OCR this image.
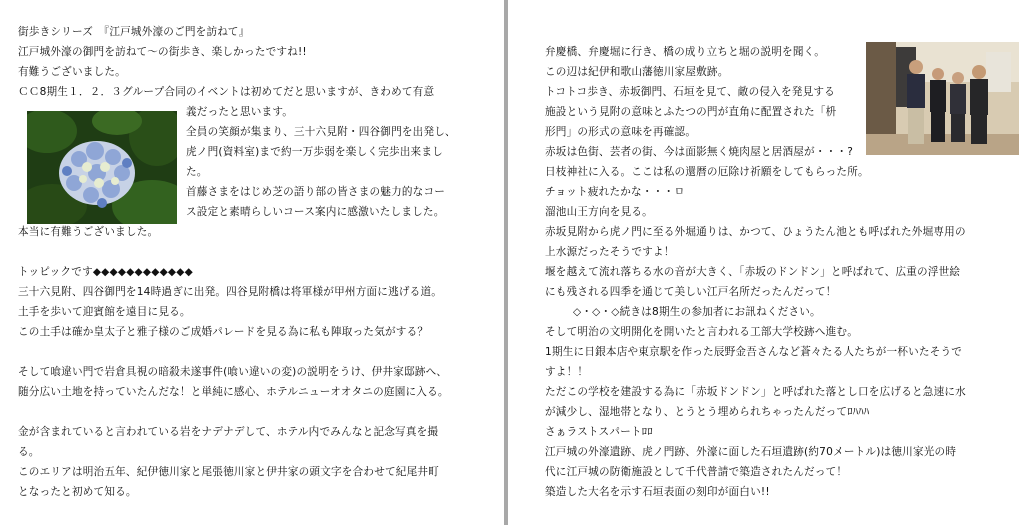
街歩きシリーズ　『江戸城外濠のご門を訪ねて』
江戸城外濠の御門を訪ねて～の街歩き、楽しかったですね!!
有難うございました。
ＣＣ8期生１．２．３グループ合同のイベントは初めてだと思いますが、きわめて有意
義だったと思います。
全員の笑顔が集まり、三十六見附・四谷御門を出発し、
虎ノ門(資料室)まで約一万歩弱を楽しく完歩出来まし
た。
首藤さまをはじめ芝の語り部の皆さまの魅力的なコー
ス設定と素晴らしいコース案内に感激いたしました。
本当に有難うございました。
トッピックです◆◆◆◆◆◆◆◆◆◆◆◆
三十六見附、四谷御門を14時過ぎに出発。四谷見附橋は将軍様が甲州方面に逃げる道。
土手を歩いて迎賓館を遠目に見る。
この土手は確か皇太子と雅子様のご成婚パレードを見る為に私も陣取った気がする？
そして喰違い門で岩倉具視の暗殺未遂事件(喰い違いの変)の説明をうけ、伊井家邸跡へ、
随分広い土地を持っていたんだな！と単純に感心、ホテルニューオオタニの庭園に入る。
金が含まれていると言われている岩をナデナデして、ホテル内でみんなと記念写真を撮
る。
このエリアは明治五年、紀伊徳川家と尾張徳川家と伊井家の頭文字を合わせて紀尾井町
となったと初めて知る。
弁慶橋、弁慶堀に行き、橋の成り立ちと堀の説明を聞く。
この辺は紀伊和歌山藩徳川家屋敷跡。
トコトコ歩き、赤坂御門、石垣を見て、敵の侵入を発見する
施設という見附の意味とふたつの門が直角に配置された「枡
形門」の形式の意味を再確認。
赤坂は色街、芸者の街、今は面影無く焼肉屋と居酒屋が・・・?
日枝神社に入る。ここは私の還暦の厄除け祈願をしてもらった所。
チョット疲れたかな・・・ㅁ
溜池山王方向を見る。
赤坂見附から虎ノ門に至る外堀通りは、かつて、ひょうたん池とも呼ばれた外堀専用の
上水源だったそうですよ！
堰を越えて流れ落ちる水の音が大きく、「赤坂のドンドン」と呼ばれて、広重の浮世絵
にも残される四季を通じて美しい江戸名所だったんだって！
◇・◇・◇続きは8期生の参加者にお訊ねください。
そして明治の文明開化を開いたと言われる工部大学校跡へ進む。
1期生に日銀本店や東京駅を作った辰野金吾さんなど蒼々たる人たちが一杯いたそうで
すよ！！
ただこの学校を建設する為に「赤坂ドンドン」と呼ばれた落とし口を広げると急速に水
が減少し、湿地帯となり、とうとう埋められちゃったんだってﾛﾊﾊﾊ
さぁラストスパートﾛﾛ
江戸城の外濠遺跡、虎ノ門跡、外濠に面した石垣遺跡(約70メートル)は徳川家光の時
代に江戸城の防衛施設として千代普請で築造されたんだって！
築造した大名を示す石垣表面の刻印が面白い!!
